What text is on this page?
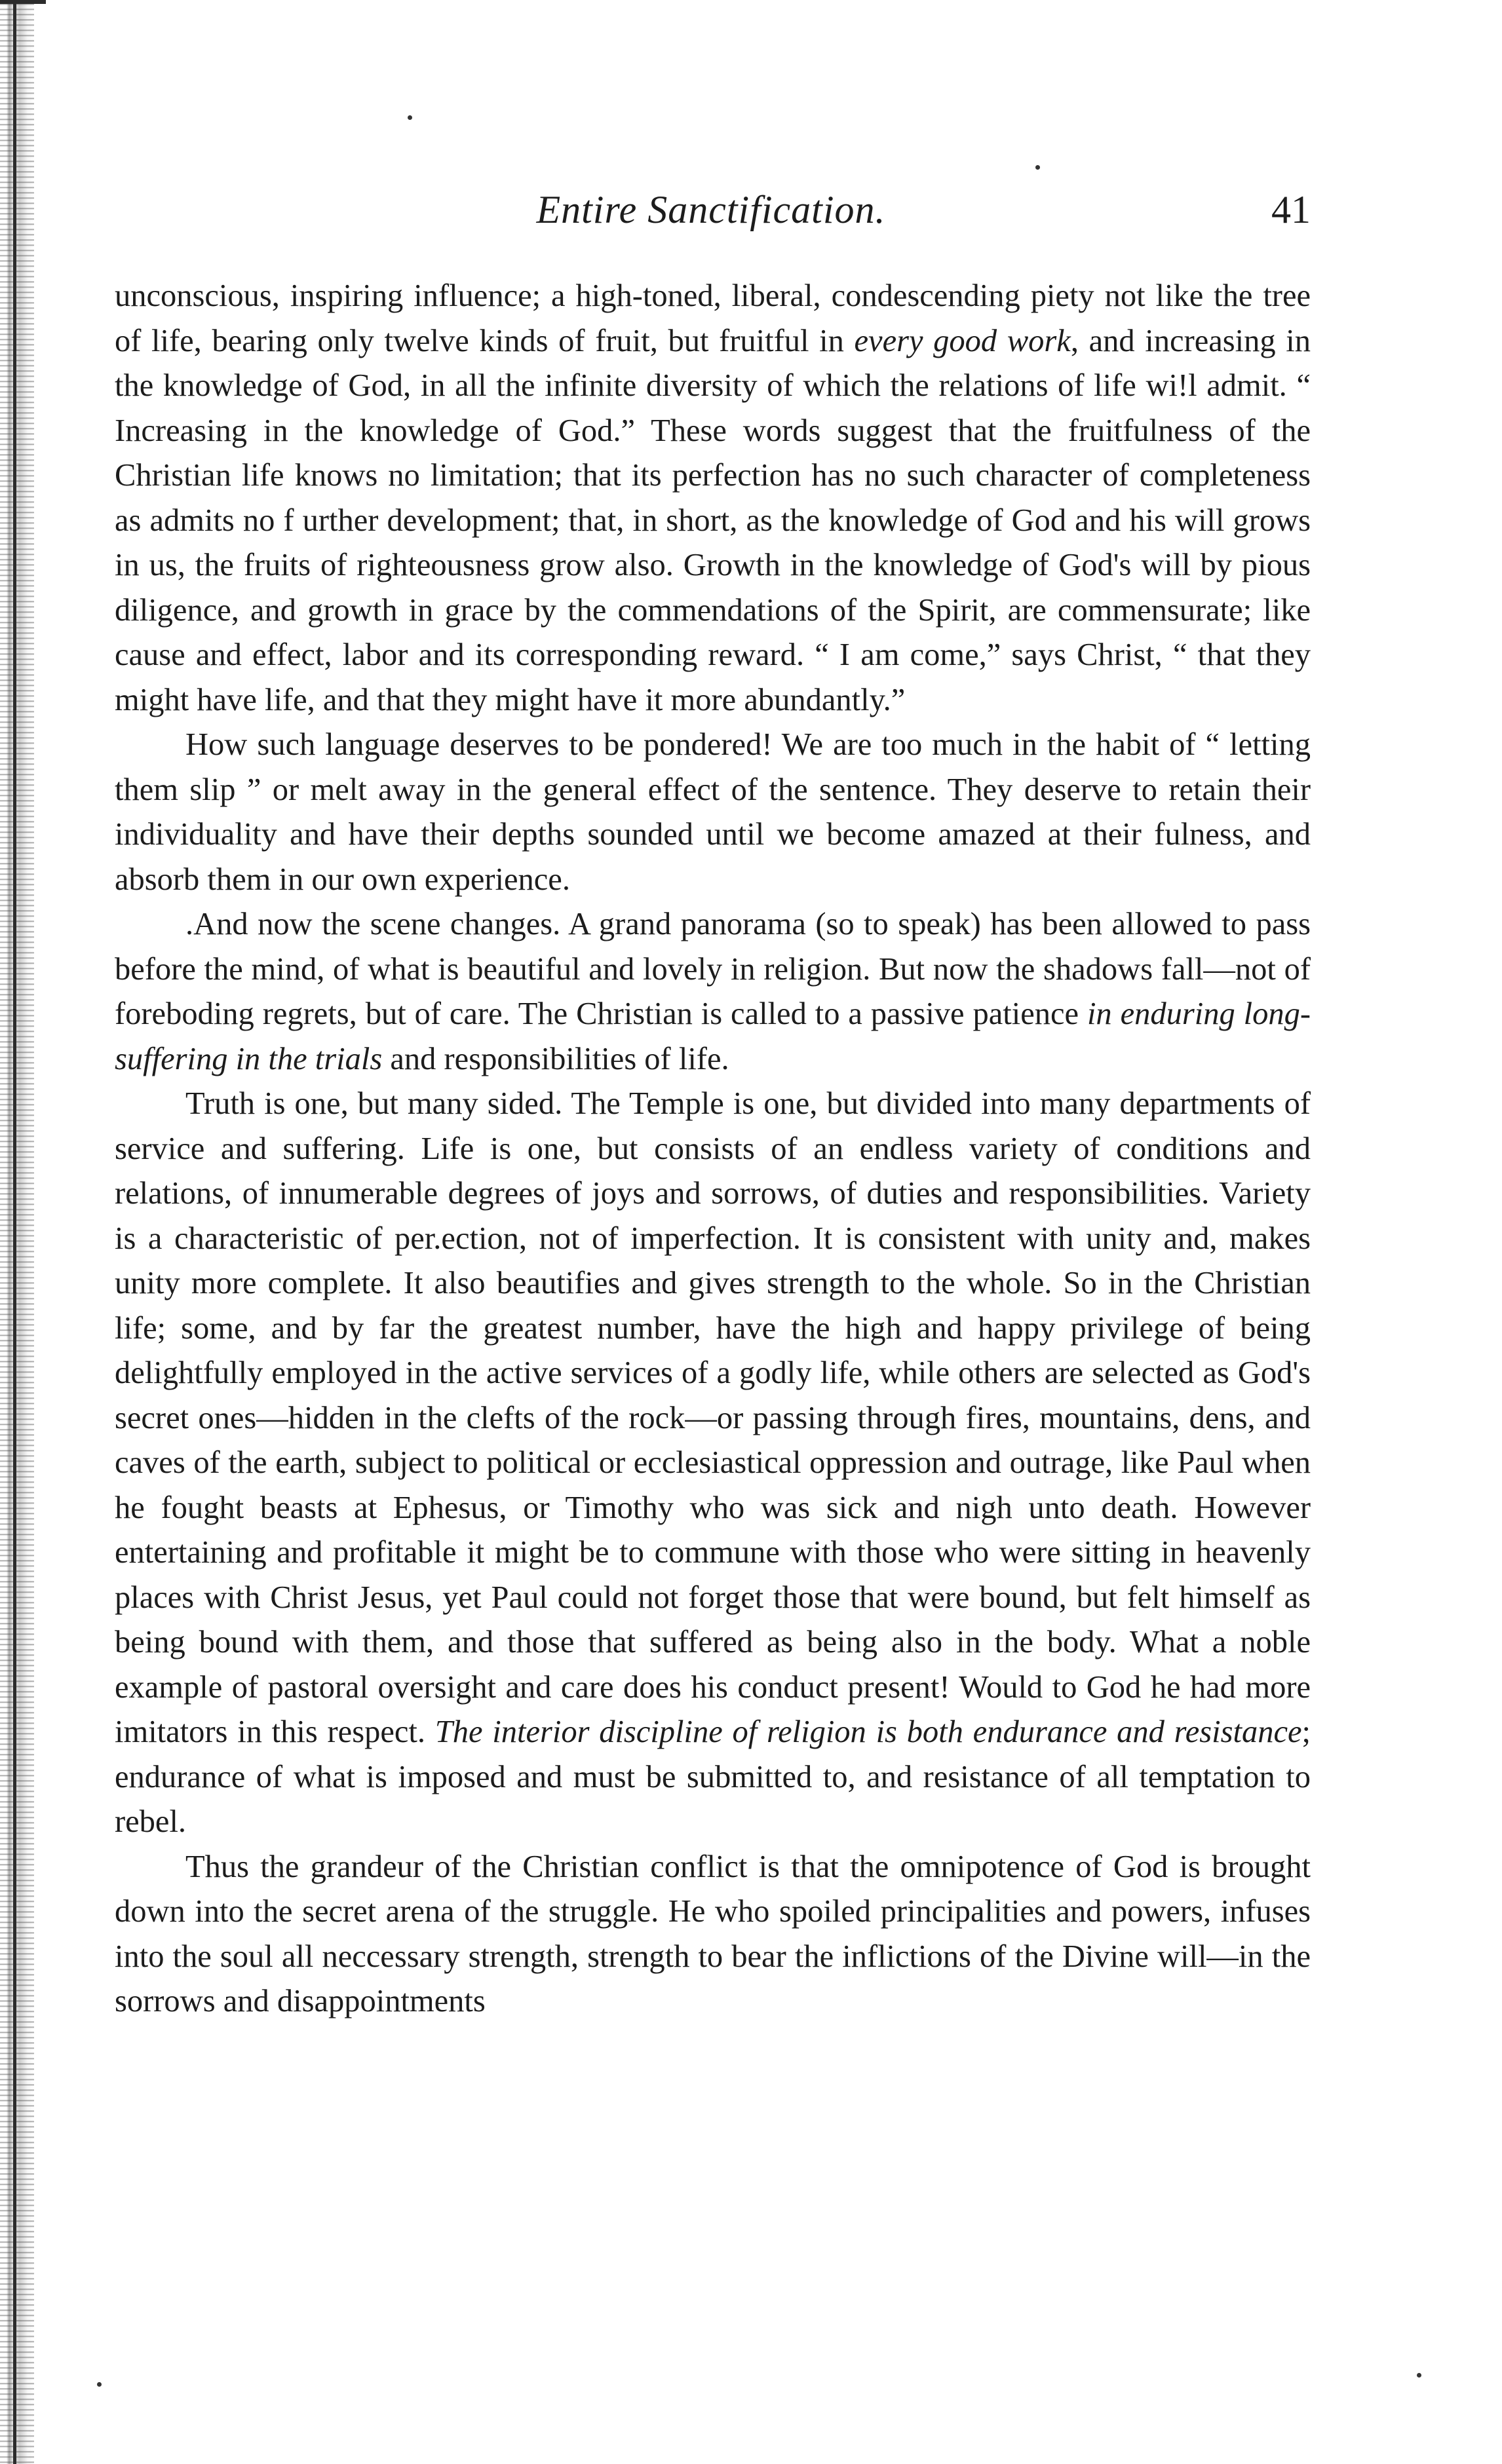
Entire Sanctification.	41

unconscious, inspiring influence; a high-toned, liberal, condescending piety not like the tree of life, bearing only twelve kinds of fruit, but fruitful in every good work, and increasing in the knowledge of God, in all the infinite diversity of which the relations of life wi!l admit. “ Increasing in the knowledge of God.” These words suggest that the fruitfulness of the Christian life knows no limitation; that its perfection has no such character of completeness as admits no f urther development; that, in short, as the knowledge of God and his will grows in us, the fruits of righteousness grow also. Growth in the knowledge of God's will by pious diligence, and growth in grace by the commendations of the Spirit, are commensurate; like cause and effect, labor and its corresponding reward. “ I am come,” says Christ, “ that they might have life, and that they might have it more abundantly.”

How such language deserves to be pondered! We are too much in the habit of “ letting them slip ” or melt away in the general effect of the sentence. They deserve to retain their individuality and have their depths sounded until we become amazed at their fulness, and absorb them in our own experience.

.And now the scene changes. A grand panorama (so to speak) has been allowed to pass before the mind, of what is beautiful and lovely in religion. But now the shadows fall—not of foreboding regrets, but of care. The Christian is called to a passive patience in enduring long-suffering in the trials and responsibilities of life.

Truth is one, but many sided. The Temple is one, but divided into many departments of service and suffering. Life is one, but consists of an endless variety of conditions and relations, of innumerable degrees of joys and sorrows, of duties and responsibilities. Variety is a characteristic of per.ection, not of imperfection. It is consistent with unity and, makes unity more complete. It also beautifies and gives strength to the whole. So in the Christian life; some, and by far the greatest number, have the high and happy privilege of being delightfully employed in the active services of a godly life, while others are selected as God's secret ones—hidden in the clefts of the rock—or passing through fires, mountains, dens, and caves of the earth, subject to political or ecclesiastical oppression and outrage, like Paul when he fought beasts at Ephesus, or Timothy who was sick and nigh unto death. However entertaining and profitable it might be to commune with those who were sitting in heavenly places with Christ Jesus, yet Paul could not forget those that were bound, but felt himself as being bound with them, and those that suffered as being also in the body. What a noble example of pastoral oversight and care does his conduct present! Would to God he had more imitators in this respect. The interior discipline of religion is both endurance and resistance; endurance of what is imposed and must be submitted to, and resistance of all temptation to rebel.

Thus the grandeur of the Christian conflict is that the omnipotence of God is brought down into the secret arena of the struggle. He who spoiled principalities and powers, infuses into the soul all neccessary strength, strength to bear the inflictions of the Divine will—in the sorrows and disappointments
